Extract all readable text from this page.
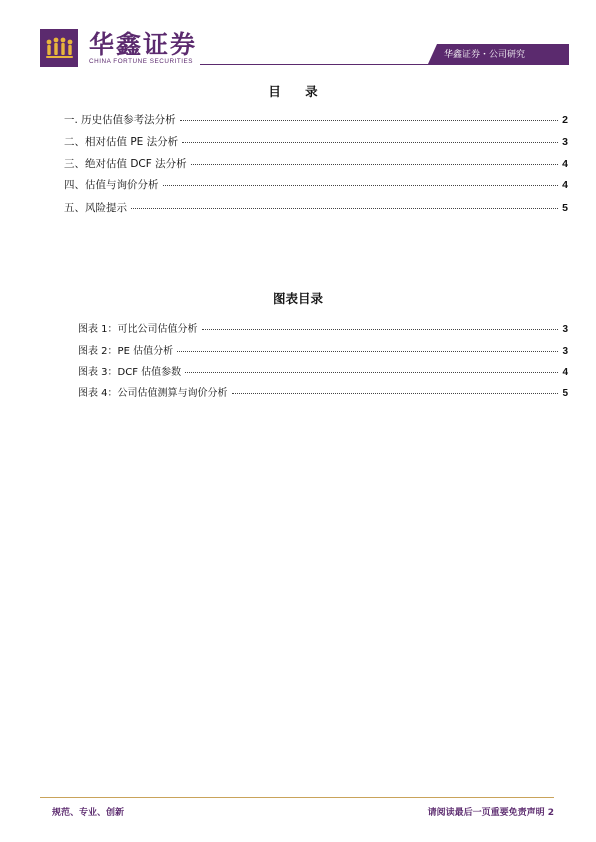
华鑫证券
CHINA FORTUNE SECURITIES
华鑫证券・公司研究
目 录
一. 历史估值参考法分析	2
二、相对估值 PE 法分析	3
三、绝对估值 DCF 法分析	4
四、估值与询价分析	4
五、风险提示	5
图表目录
图表 1：可比公司估值分析	3
图表 2：PE 估值分析	3
图表 3：DCF 估值参数	4
图表 4：公司估值测算与询价分析	5
规范、专业、创新	请阅读最后一页重要免责声明 2
